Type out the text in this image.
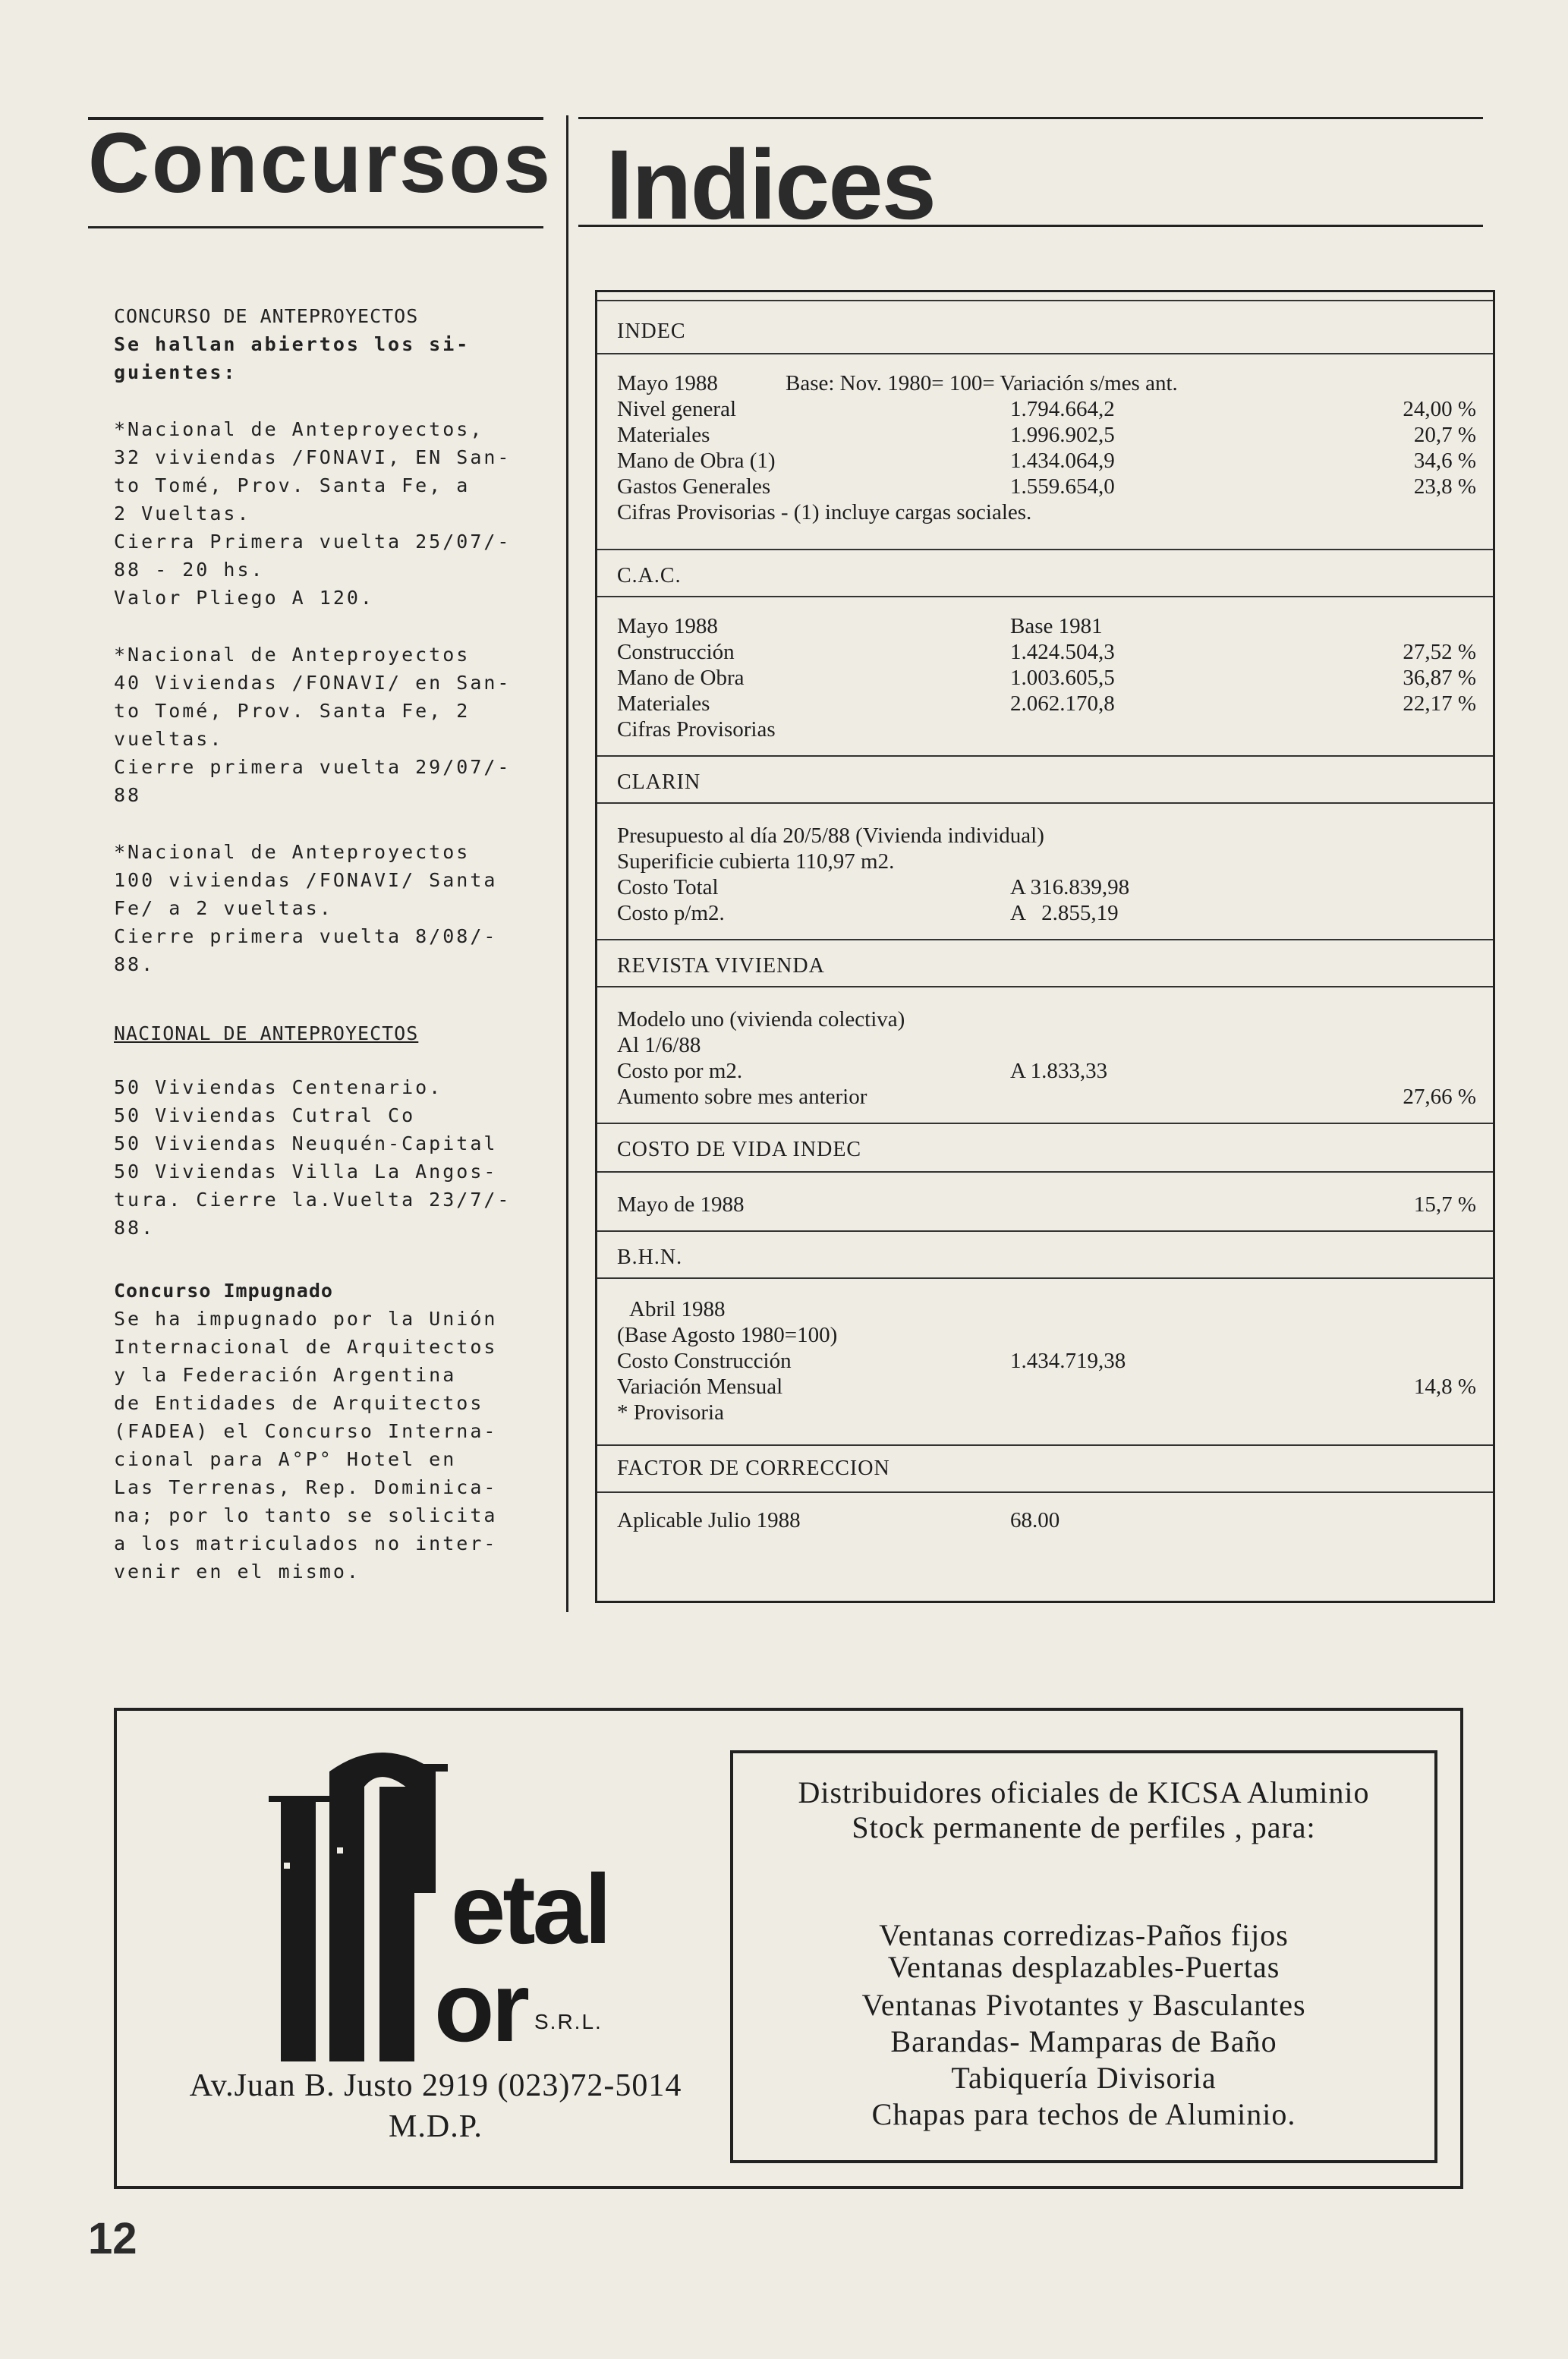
Concursos Indices

CONCURSO DE ANTEPROYECTOS

Se hallan abiertos los si-

guientes:

*Nacional de Anteproyectos,

32 viviendas /FONAVI, EN San-

to Tomé, Prov. Santa Fe, a

2 Vueltas.

Cierra Primera vuelta 25/07/-

88 - 20 hs.

Valor Pliego A 120.

*Nacional de Anteproyectos

40 Viviendas /FONAVI/ en San-

to Tomé, Prov. Santa Fe, 2

vueltas.

Cierre primera vuelta 29/07/-

88

*Nacional de Anteproyectos

100 viviendas /FONAVI/ Santa

Fe/ a 2 vueltas.

Cierre primera vuelta 8/08/-

88.

NACIONAL DE ANTEPROYECTOS

50 Viviendas Centenario.

50 Viviendas Cutral Co

50 Viviendas Neuquén-Capital

50 Viviendas Villa La Angos-

tura. Cierre la.Vuelta 23/7/-

88.

Concurso Impugnado

Se ha impugnado por la Unión

Internacional de Arquitectos

y la Federación Argentina

de Entidades de Arquitectos

(FADEA) el Concurso Interna-

cional para A°P° Hotel en

Las Terrenas, Rep. Dominica-

na; por lo tanto se solicita

a los matriculados no inter-

venir en el mismo.

INDEC
Mayo 1988	Base: Nov. 1980= 100= Variación s/mes ant.
Nivel general	1.794.664,2	24,00 %
Materiales	1.996.902,5	20,7 %
Mano de Obra (1)	1.434.064,9	34,6 %
Gastos Generales	1.559.654,0	23,8 %
Cifras Provisorias - (1) incluye cargas sociales.
C.A.C.
Mayo 1988	Base 1981
Construcción	1.424.504,3	27,52 %
Mano de Obra	1.003.605,5	36,87 %
Materiales	2.062.170,8	22,17 %
Cifras Provisorias
CLARIN
Presupuesto al día 20/5/88 (Vivienda individual)
Superificie cubierta 110,97 m2.
Costo Total	A 316.839,98
Costo p/m2.	A   2.855,19
REVISTA VIVIENDA
Modelo uno (vivienda colectiva)
Al 1/6/88
Costo por m2.	A 1.833,33
Aumento sobre mes anterior	27,66 %
COSTO DE VIDA INDEC
Mayo de 1988	15,7 %
B.H.N.
Abril 1988
(Base Agosto 1980=100)
Costo Construcción	1.434.719,38
Variación Mensual	14,8 %
* Provisoria
FACTOR DE CORRECCION
Aplicable Julio 1988	68.00
etal
or S.R.L.
Av.Juan B. Justo 2919 (023)72-5014
M.D.P.
Distribuidores oficiales de KICSA Aluminio
Stock permanente de perfiles , para:
Ventanas corredizas-Paños fijos
Ventanas desplazables-Puertas
Ventanas Pivotantes y Basculantes
Barandas- Mamparas de Baño
Tabiquería Divisoria
Chapas para techos de Aluminio.
12
